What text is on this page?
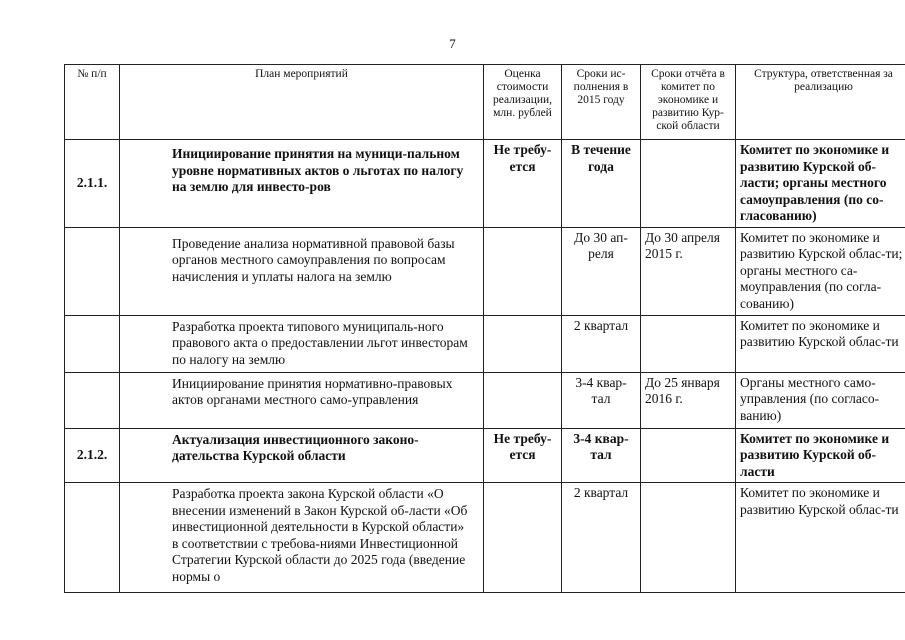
7
№ п/п	План мероприятий	Оценка стоимости реализации, млн. рублей	Сроки ис-полнения в 2015 году	Сроки отчёта в комитет по экономике и развитию Кур-ской области	Структура, ответственная за реализацию
2.1.1.	Инициирование принятия на муници-пальном уровне нормативных актов о льготах по налогу на землю для инвесто-ров	Не требу-ется	В течение года		Комитет по экономике и развитию Курской об-ласти; органы местного самоуправления (по со-гласованию)
	Проведение анализа нормативной правовой базы органов местного самоуправления по вопросам начисления и уплаты налога на землю		До 30 ап-реля	До 30 апреля 2015 г.	Комитет по экономике и развитию Курской облас-ти; органы местного са-моуправления (по согла-сованию)
	Разработка проекта типового муниципаль-ного правового акта о предоставлении льгот инвесторам по налогу на землю		2 квартал		Комитет по экономике и развитию Курской облас-ти
	Инициирование принятия нормативно-правовых актов органами местного само-управления		3-4 квар-тал	До 25 января 2016 г.	Органы местного само-управления (по согласо-ванию)
2.1.2.	Актуализация инвестиционного законо-дательства Курской области	Не требу-ется	3-4 квар-тал		Комитет по экономике и развитию Курской об-ласти

	Разработка проекта закона Курской области «О внесении изменений в Закон Курской об-ласти «Об инвестиционной деятельности в Курской области» в соответствии с требова-ниями Инвестиционной Стратегии Курской области до 2025 года (введение нормы о		2 квартал		Комитет по экономике и развитию Курской облас-ти
